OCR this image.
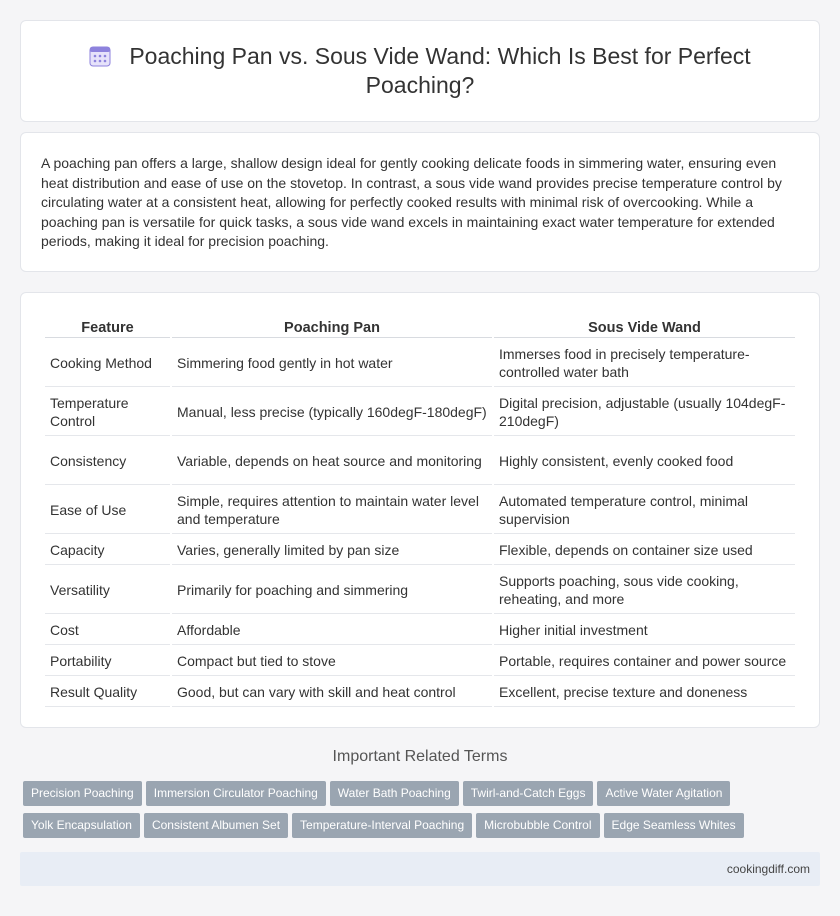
Poaching Pan vs. Sous Vide Wand: Which Is Best for Perfect Poaching?

A poaching pan offers a large, shallow design ideal for gently cooking delicate foods in simmering water, ensuring even heat distribution and ease of use on the stovetop. In contrast, a sous vide wand provides precise temperature control by circulating water at a consistent heat, allowing for perfectly cooked results with minimal risk of overcooking. While a poaching pan is versatile for quick tasks, a sous vide wand excels in maintaining exact water temperature for extended periods, making it ideal for precision poaching.

Feature	Poaching Pan	Sous Vide Wand
Cooking Method	Simmering food gently in hot water	Immerses food in precisely temperature-controlled water bath
Temperature Control	Manual, less precise (typically 160degF-180degF)	Digital precision, adjustable (usually 104degF-210degF)
Consistency	Variable, depends on heat source and monitoring	Highly consistent, evenly cooked food
Ease of Use	Simple, requires attention to maintain water level and temperature	Automated temperature control, minimal supervision
Capacity	Varies, generally limited by pan size	Flexible, depends on container size used
Versatility	Primarily for poaching and simmering	Supports poaching, sous vide cooking, reheating, and more
Cost	Affordable	Higher initial investment
Portability	Compact but tied to stove	Portable, requires container and power source
Result Quality	Good, but can vary with skill and heat control	Excellent, precise texture and doneness
Important Related Terms
Precision Poaching Immersion Circulator Poaching Water Bath Poaching Twirl-and-Catch Eggs Active Water Agitation
Yolk Encapsulation Consistent Albumen Set Temperature-Interval Poaching Microbubble Control Edge Seamless Whites
cookingdiff.com
